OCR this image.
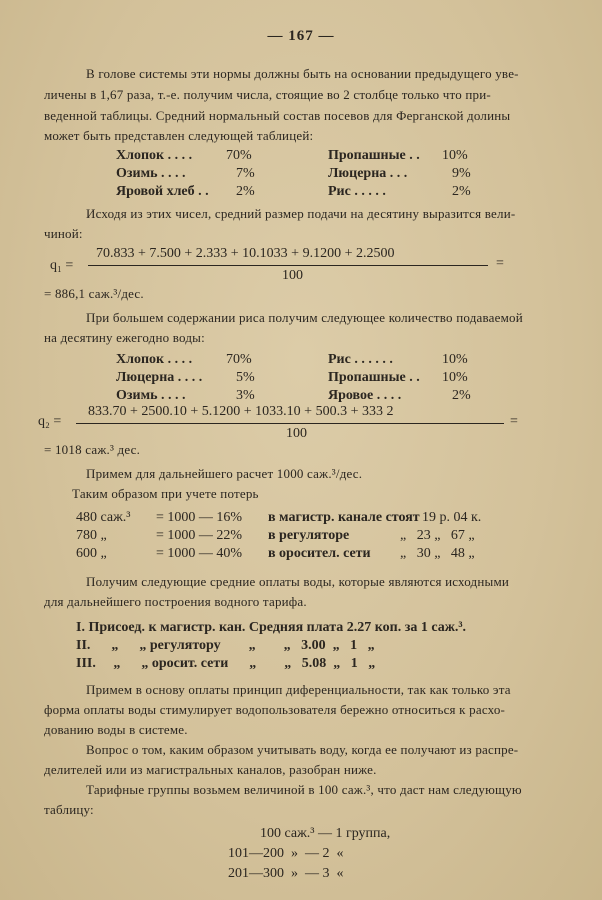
— 167 —
В голове системы эти нормы должны быть на основании предыдущего уве-
личены в 1,67 раза, т.-е. получим числа, стоящие во 2 столбце только что при-
веденной таблицы. Средний нормальный состав посевов для Ферганской долины
может быть представлен следующей таблицей:
Хлопок . . . . 70%	Пропашные . . 10%
Озимь . . . .	7%	Люцерна . . .	9%
Яровой хлеб . . 2%	Рис . . . . .	2%
Исходя из этих чисел, средний размер подачи на десятину выразится вели-
чиной:
q₁ =
70.833 + 7.500 + 2.333 + 10.1033 + 9.1200 + 2.2500
100
=
= 886,1 саж.³/дес.
При большем содержании риса получим следующее количество подаваемой
на десятину ежегодно воды:
Хлопок . . . . 70%	Рис . . . . . .	10%
Люцерна . . . . 5%	Пропашные . . 10%
Озимь . . . .	3%	Яровое . . . .	2%
q₂ =
833.70 + 2500.10 + 5.1200 + 1033.10 + 500.3 + 333 2
100
=
= 1018 саж.³ дес.
Примем для дальнейшего расчет 1000 саж.³/дес.
Таким образом при учете потерь
480 саж.³ = 1000 — 16% в магистр. канале стоят 19 р. 04 к.
780 „	= 1000 — 22% в регуляторе	„   23 „   67 „
600 „	= 1000 — 40% в оросител. сети „   30 „   48 „
Получим следующие средние оплаты воды, которые являются исходными
для дальнейшего построения водного тарифа.
I. Присоед. к магистр. кан. Средняя плата 2.27 коп. за 1 саж.³.
II.      „      „ регулятору        „        „   3.00  „   1   „
III.     „      „ оросит. сети      „        „   5.08  „   1   „
Примем в основу оплаты принцип диференциальности, так как только эта
форма оплаты воды стимулирует водопользователя бережно относиться к расхо-
дованию воды в системе.
Вопрос о том, каким образом учитывать воду, когда ее получают из распре-
делителей или из магистральных каналов, разобран ниже.
Тарифные группы возьмем величиной в 100 саж.³, что даст нам следующую
таблицу:
100 саж.³ — 1 группа,
101—200  »  — 2  «
201—300  »  — 3  «
